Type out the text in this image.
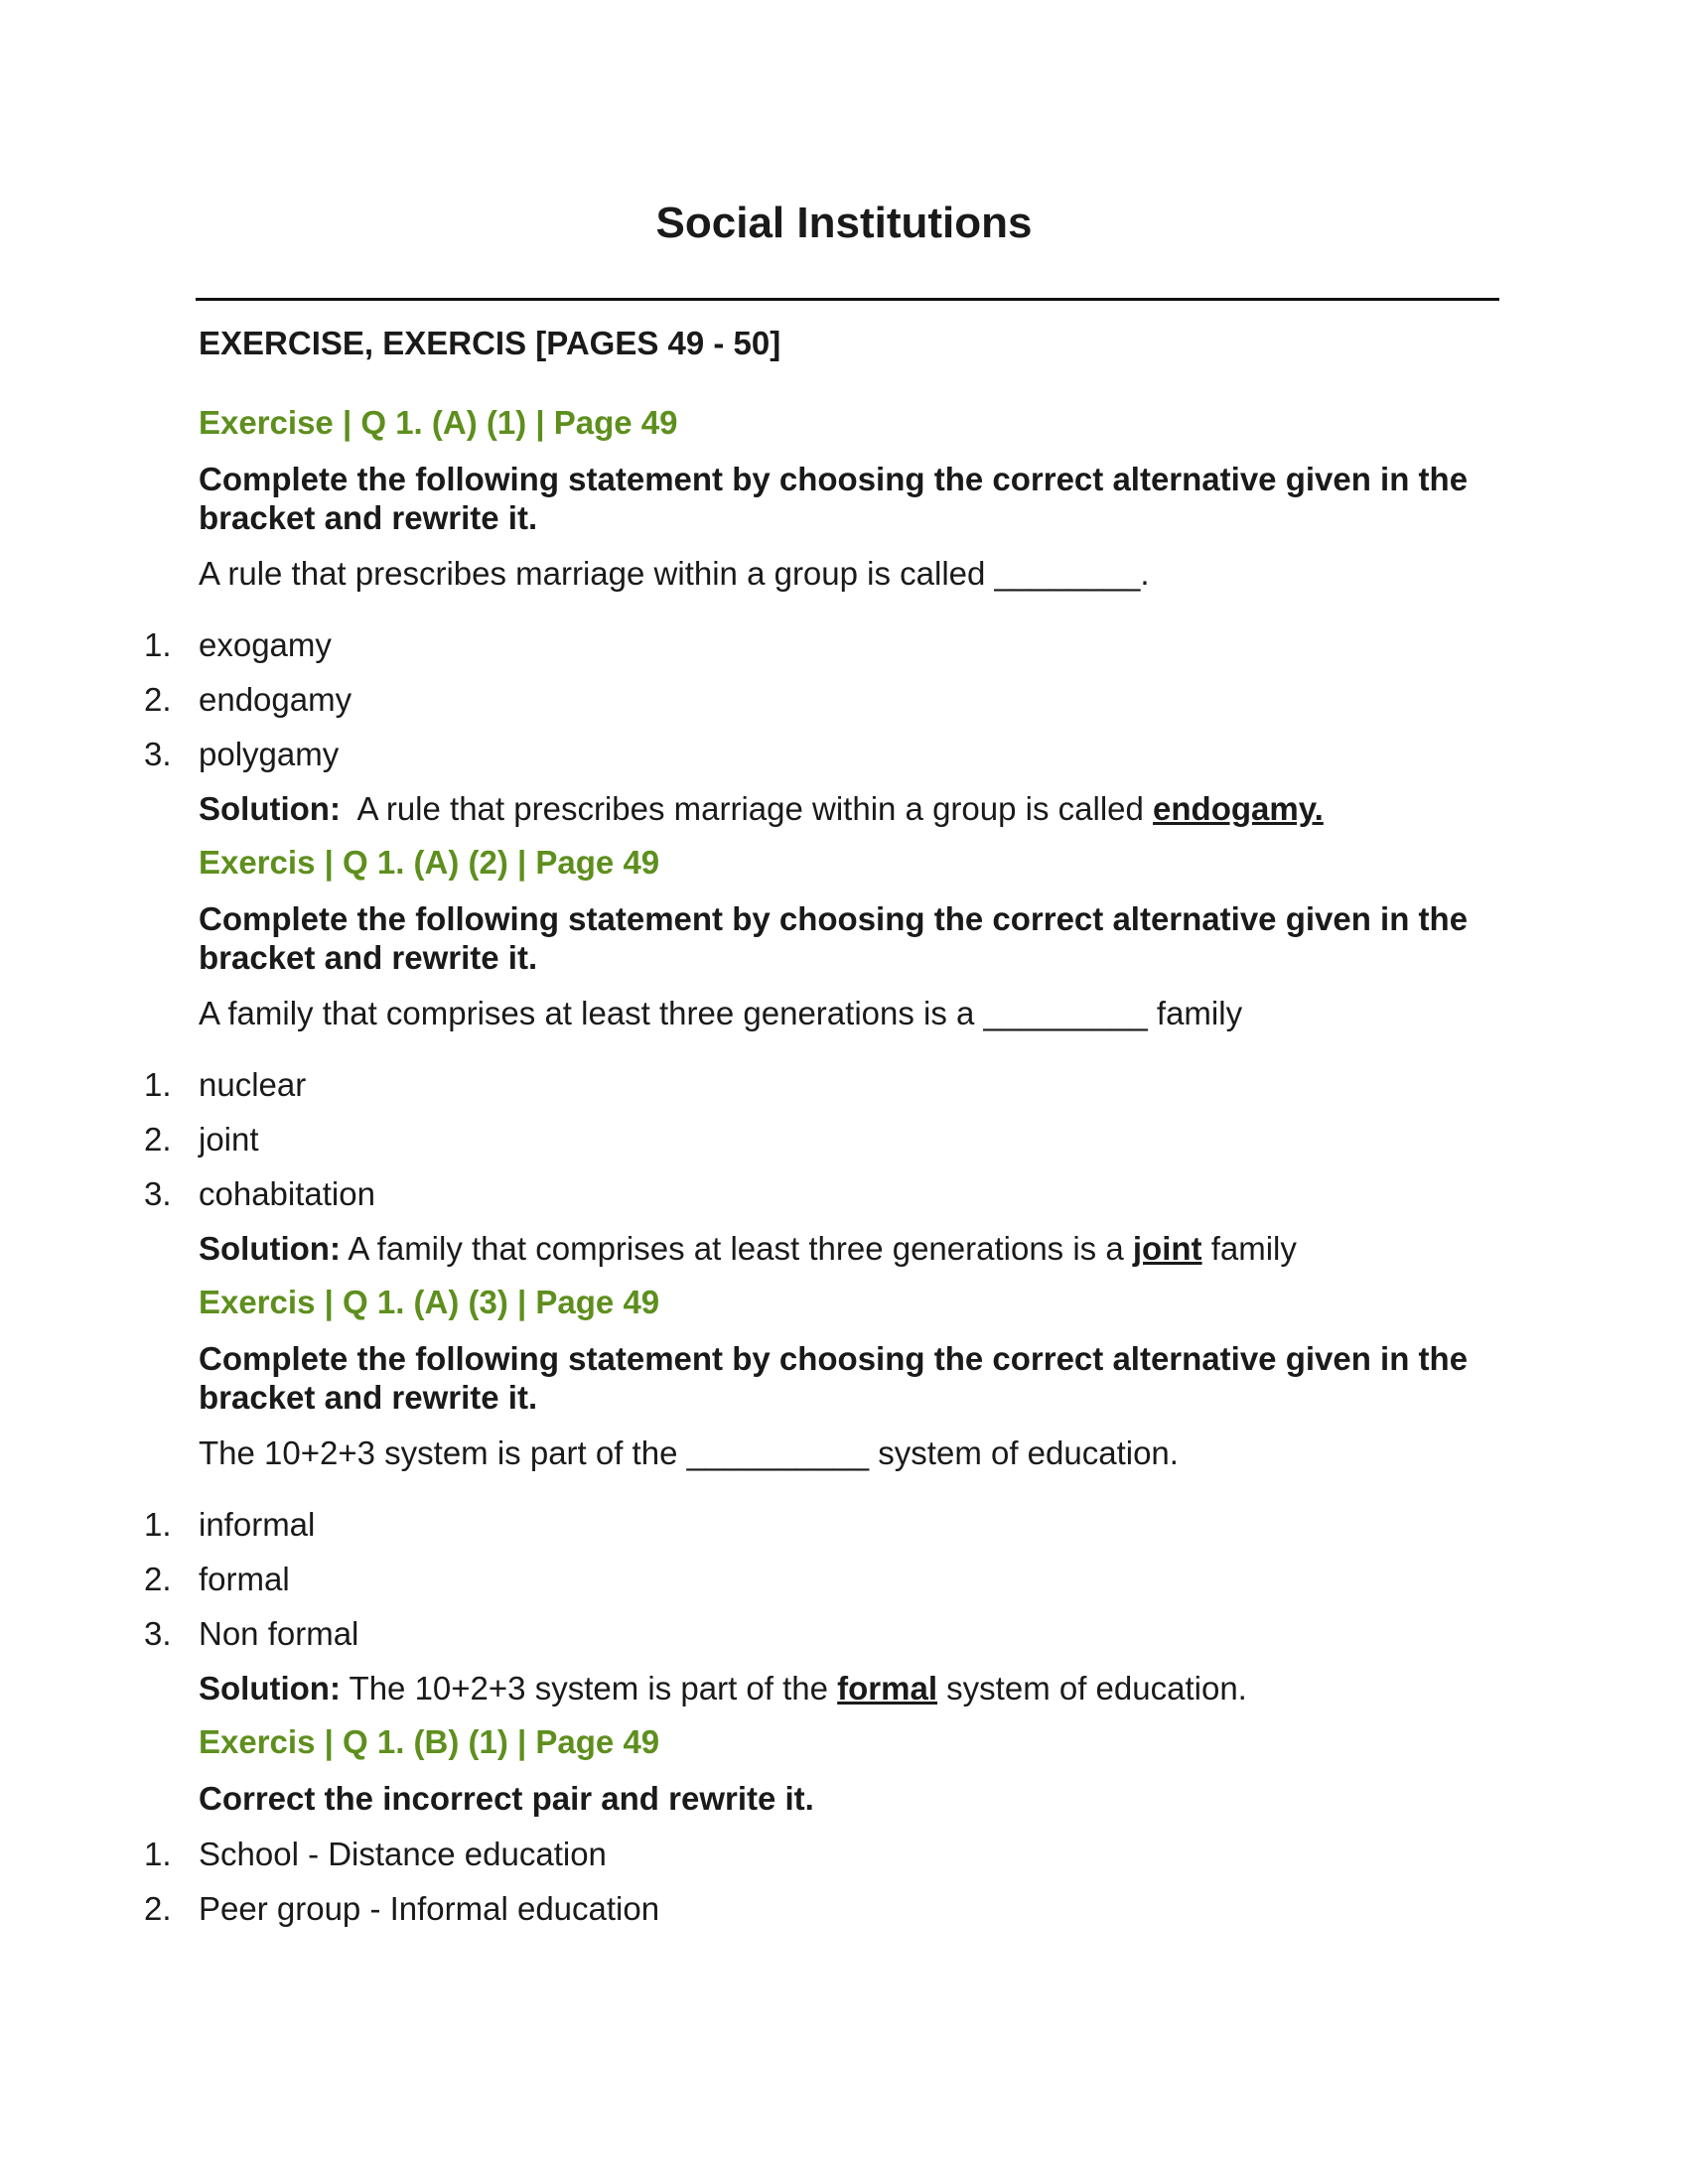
Social Institutions
EXERCISE, EXERCIS [PAGES 49 - 50]
Exercise | Q 1. (A) (1) | Page 49
Complete the following statement by choosing the correct alternative given in the bracket and rewrite it.
A rule that prescribes marriage within a group is called ________.
1. exogamy
2. endogamy
3. polygamy
Solution:  A rule that prescribes marriage within a group is called endogamy.
Exercis | Q 1. (A) (2) | Page 49
Complete the following statement by choosing the correct alternative given in the bracket and rewrite it.
A family that comprises at least three generations is a _________ family
1. nuclear
2. joint
3. cohabitation
Solution: A family that comprises at least three generations is a joint family
Exercis | Q 1. (A) (3) | Page 49
Complete the following statement by choosing the correct alternative given in the bracket and rewrite it.
The 10+2+3 system is part of the __________ system of education.
1. informal
2. formal
3. Non formal
Solution: The 10+2+3 system is part of the formal system of education.
Exercis | Q 1. (B) (1) | Page 49
Correct the incorrect pair and rewrite it.
1. School - Distance education
2. Peer group - Informal education
